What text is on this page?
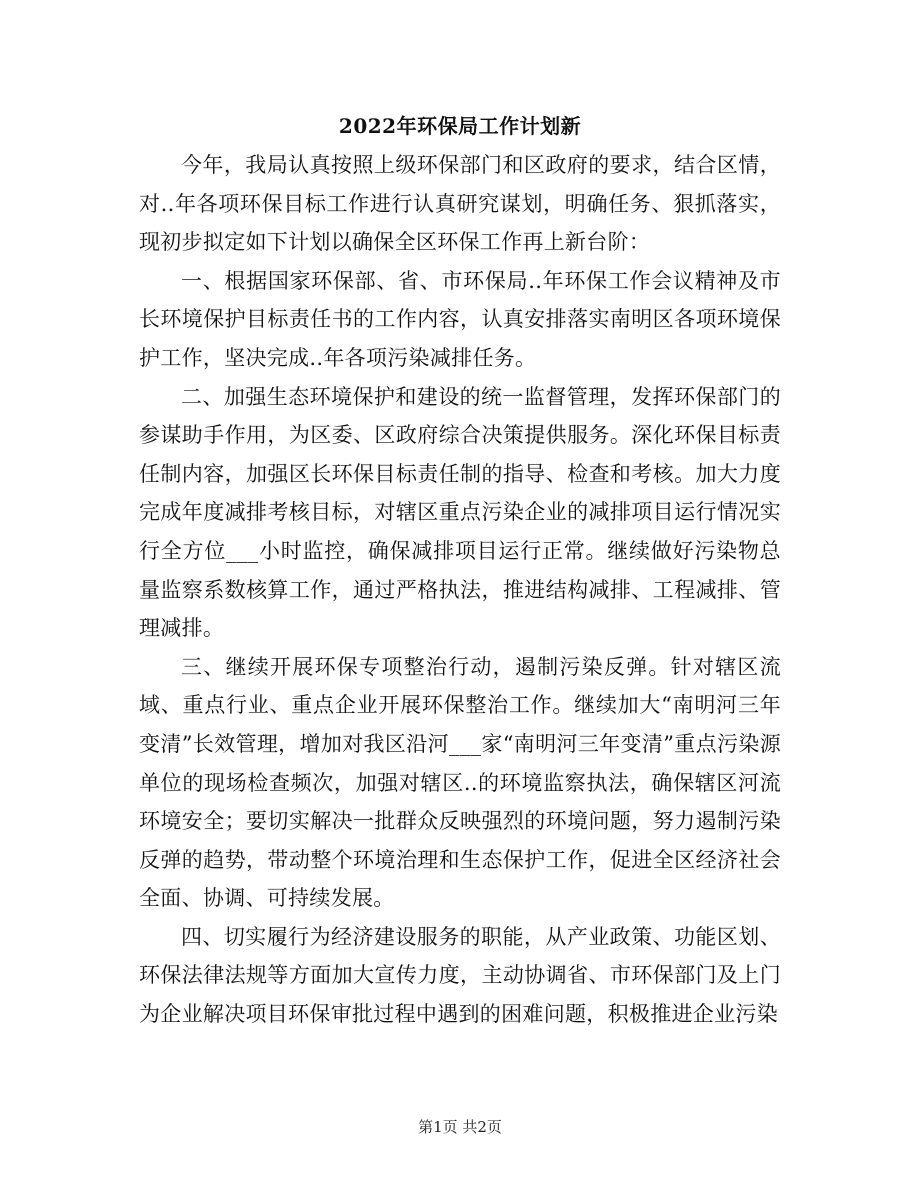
2022年环保局工作计划新

今年，我局认真按照上级环保部门和区政府的要求，结合区情，对..年各项环保目标工作进行认真研究谋划，明确任务、狠抓落实，现初步拟定如下计划以确保全区环保工作再上新台阶：

一、根据国家环保部、省、市环保局..年环保工作会议精神及市长环境保护目标责任书的工作内容，认真安排落实南明区各项环境保护工作，坚决完成..年各项污染减排任务。

二、加强生态环境保护和建设的统一监督管理，发挥环保部门的参谋助手作用，为区委、区政府综合决策提供服务。深化环保目标责任制内容，加强区长环保目标责任制的指导、检查和考核。加大力度完成年度减排考核目标，对辖区重点污染企业的减排项目运行情况实行全方位___小时监控，确保减排项目运行正常。继续做好污染物总量监察系数核算工作，通过严格执法，推进结构减排、工程减排、管理减排。

三、继续开展环保专项整治行动，遏制污染反弹。针对辖区流域、重点行业、重点企业开展环保整治工作。继续加大“南明河三年变清”长效管理，增加对我区沿河___家“南明河三年变清”重点污染源单位的现场检查频次，加强对辖区..的环境监察执法，确保辖区河流环境安全；要切实解决一批群众反映强烈的环境问题，努力遏制污染反弹的趋势，带动整个环境治理和生态保护工作，促进全区经济社会全面、协调、可持续发展。

四、切实履行为经济建设服务的职能，从产业政策、功能区划、环保法律法规等方面加大宣传力度，主动协调省、市环保部门及上门为企业解决项目环保审批过程中遇到的困难问题，积极推进企业污染

第1页 共2页
